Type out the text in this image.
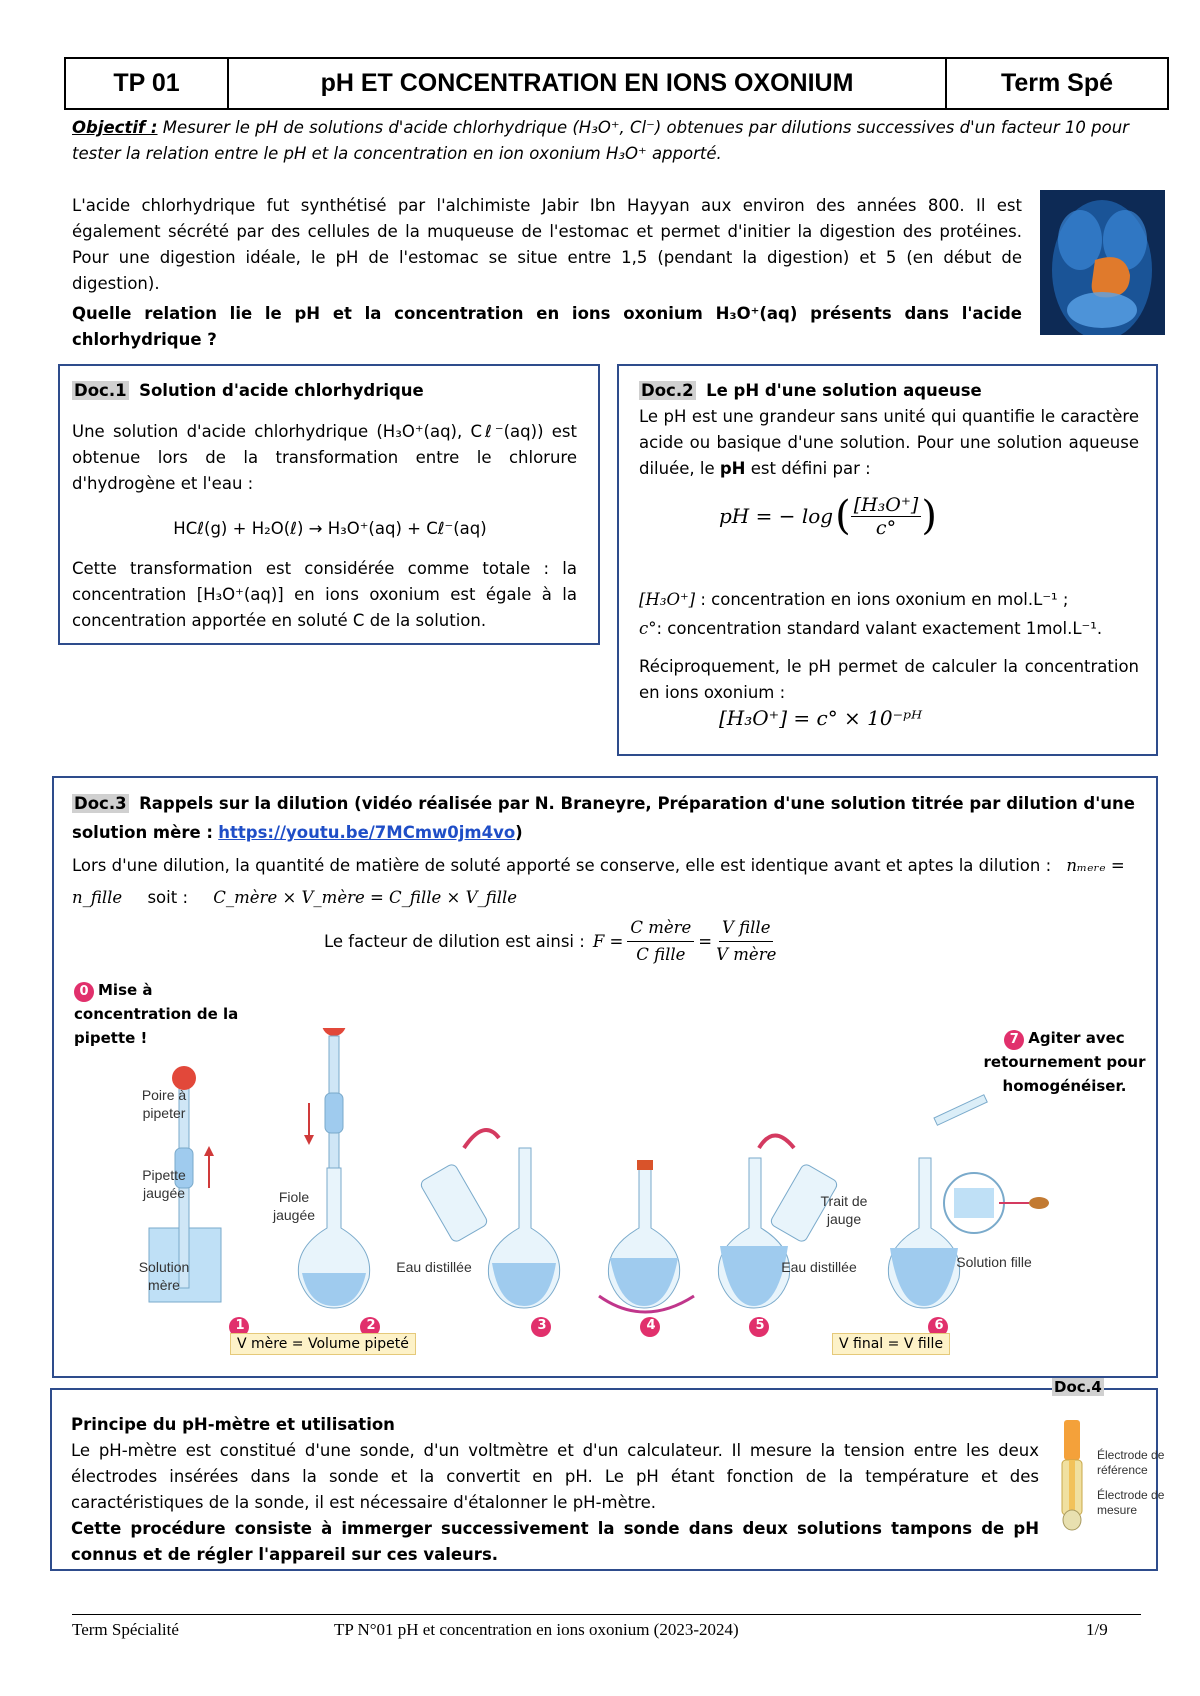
TP 01	pH ET CONCENTRATION EN IONS OXONIUM	Term Spé
Objectif : Mesurer le pH de solutions d'acide chlorhydrique (H₃O⁺, Cl⁻) obtenues par dilutions successives d'un facteur 10 pour tester la relation entre le pH et la concentration en ion oxonium H₃O⁺ apporté.
L'acide chlorhydrique fut synthétisé par l'alchimiste Jabir Ibn Hayyan aux environ des années 800. Il est également sécrété par des cellules de la muqueuse de l'estomac et permet d'initier la digestion des protéines. Pour une digestion idéale, le pH de l'estomac se situe entre 1,5 (pendant la digestion) et 5 (en début de digestion).
Quelle relation lie le pH et la concentration en ions oxonium H₃O⁺(aq) présents dans l'acide chlorhydrique ?
Doc.1 Solution d'acide chlorhydrique
Une solution d'acide chlorhydrique (H₃O⁺(aq), Cℓ⁻(aq)) est obtenue lors de la transformation entre le chlorure d'hydrogène et l'eau :
HCℓ(g) + H₂O(ℓ) → H₃O⁺(aq) + Cℓ⁻(aq)
Cette transformation est considérée comme totale : la concentration [H₃O⁺(aq)] en ions oxonium est égale à la concentration apportée en soluté C de la solution.
Doc.2 Le pH d'une solution aqueuse
Le pH est une grandeur sans unité qui quantifie le caractère acide ou basique d'une solution. Pour une solution aqueuse diluée, le pH est défini par :
pH = − log ( $\frac{\text{[H₃O⁺]}}{c^\circ}$ )
[H₃O⁺] : concentration en ions oxonium en mol.L⁻¹ ;
c°: concentration standard valant exactement 1mol.L⁻¹.
Réciproquement, le pH permet de calculer la concentration en ions oxonium :
[H₃O⁺] = c° × 10⁻ᵖᴴ
Doc.3 Rappels sur la dilution (vidéo réalisée par N. Braneyre, Préparation d'une solution titrée par dilution d'une solution mère : https://youtu.be/7MCmw0jm4vo)
Lors d'une dilution, la quantité de matière de soluté apporté se conserve, elle est identique avant et aptes la dilution : nₘₑᵣₑ = n_fille soit : C_mère × V_mère = C_fille × V_fille
Le facteur de dilution est ainsi : $F = \frac{\text{C mère}}{\text{C fille}} = \frac{\text{V fille}}{\text{V mère}}$
0 Mise à concentration de la pipette !	7 Agiter avec retournement pour homogénéiser.
1	2	3	4	5	6
Poire à pipeter
Pipette jaugée
Solution mère
Fiole jaugée
Eau distillée	Eau distillée
Trait de jauge
Solution fille
V mère = Volume pipeté	V final = V fille
Doc.4
Principe du pH-mètre et utilisation
Le pH-mètre est constitué d'une sonde, d'un voltmètre et d'un calculateur. Il mesure la tension entre les deux électrodes insérées dans la sonde et la convertit en pH. Le pH étant fonction de la température et des caractéristiques de la sonde, il est nécessaire d'étalonner le pH-mètre.
Cette procédure consiste à immerger successivement la sonde dans deux solutions tampons de pH connus et de régler l'appareil sur ces valeurs.
Électrode de référence
Électrode de mesure
Term Spécialité	TP N°01 pH et concentration en ions oxonium (2023-2024)	1/9
